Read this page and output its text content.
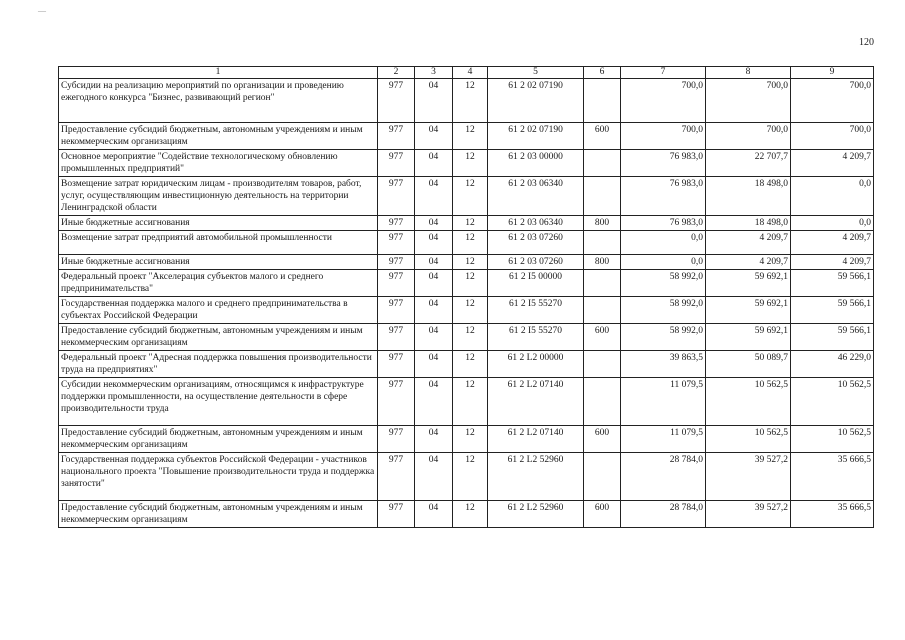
—
120
1	2	3	4	5	6	7	8	9
Субсидии на реализацию мероприятий по организации и проведению ежегодного конкурса "Бизнес, развивающий регион"	977	04	12	61 2 02 07190		700,0	700,0	700,0
Предоставление субсидий бюджетным, автономным учреждениям и иным некоммерческим организациям	977	04	12	61 2 02 07190	600	700,0	700,0	700,0
Основное мероприятие "Содействие технологическому обновлению промышленных предприятий"	977	04	12	61 2 03 00000		76 983,0	22 707,7	4 209,7
Возмещение затрат юридическим лицам - производителям товаров, работ, услуг, осуществляющим инвестиционную деятельность на территории Ленинградской области	977	04	12	61 2 03 06340		76 983,0	18 498,0	0,0
Иные бюджетные ассигнования	977	04	12	61 2 03 06340	800	76 983,0	18 498,0	0,0
Возмещение затрат предприятий автомобильной промышленности	977	04	12	61 2 03 07260		0,0	4 209,7	4 209,7
Иные бюджетные ассигнования	977	04	12	61 2 03 07260	800	0,0	4 209,7	4 209,7
Федеральный проект "Акселерация субъектов малого и среднего предпринимательства"	977	04	12	61 2 I5 00000		58 992,0	59 692,1	59 566,1
Государственная поддержка малого и среднего предпринимательства в субъектах Российской Федерации	977	04	12	61 2 I5 55270		58 992,0	59 692,1	59 566,1
Предоставление субсидий бюджетным, автономным учреждениям и иным некоммерческим организациям	977	04	12	61 2 I5 55270	600	58 992,0	59 692,1	59 566,1
Федеральный проект "Адресная поддержка повышения производительности труда на предприятиях"	977	04	12	61 2 L2 00000		39 863,5	50 089,7	46 229,0
Субсидии некоммерческим организациям, относящимся к инфраструктуре поддержки промышленности, на осуществление деятельности в сфере производительности труда	977	04	12	61 2 L2 07140		11 079,5	10 562,5	10 562,5
Предоставление субсидий бюджетным, автономным учреждениям и иным некоммерческим организациям	977	04	12	61 2 L2 07140	600	11 079,5	10 562,5	10 562,5
Государственная поддержка субъектов Российской Федерации - участников национального проекта "Повышение производительности труда и поддержка занятости"	977	04	12	61 2 L2 52960		28 784,0	39 527,2	35 666,5
Предоставление субсидий бюджетным, автономным учреждениям и иным некоммерческим организациям	977	04	12	61 2 L2 52960	600	28 784,0	39 527,2	35 666,5
